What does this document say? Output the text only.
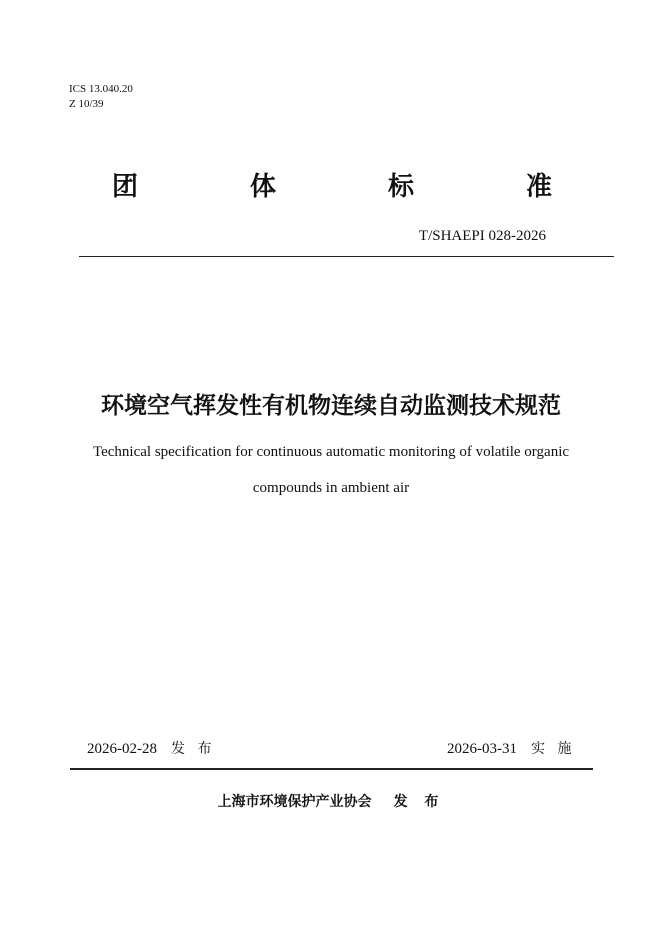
ICS 13.040.20
Z 10/39
团	体	标	准
T/SHAEPI 028-2026
环境空气挥发性有机物连续自动监测技术规范
Technical specification for continuous automatic monitoring of volatile organic
compounds in ambient air
2026-02-28 发 布	2026-03-31 实 施
上海市环境保护产业协会 发 布
